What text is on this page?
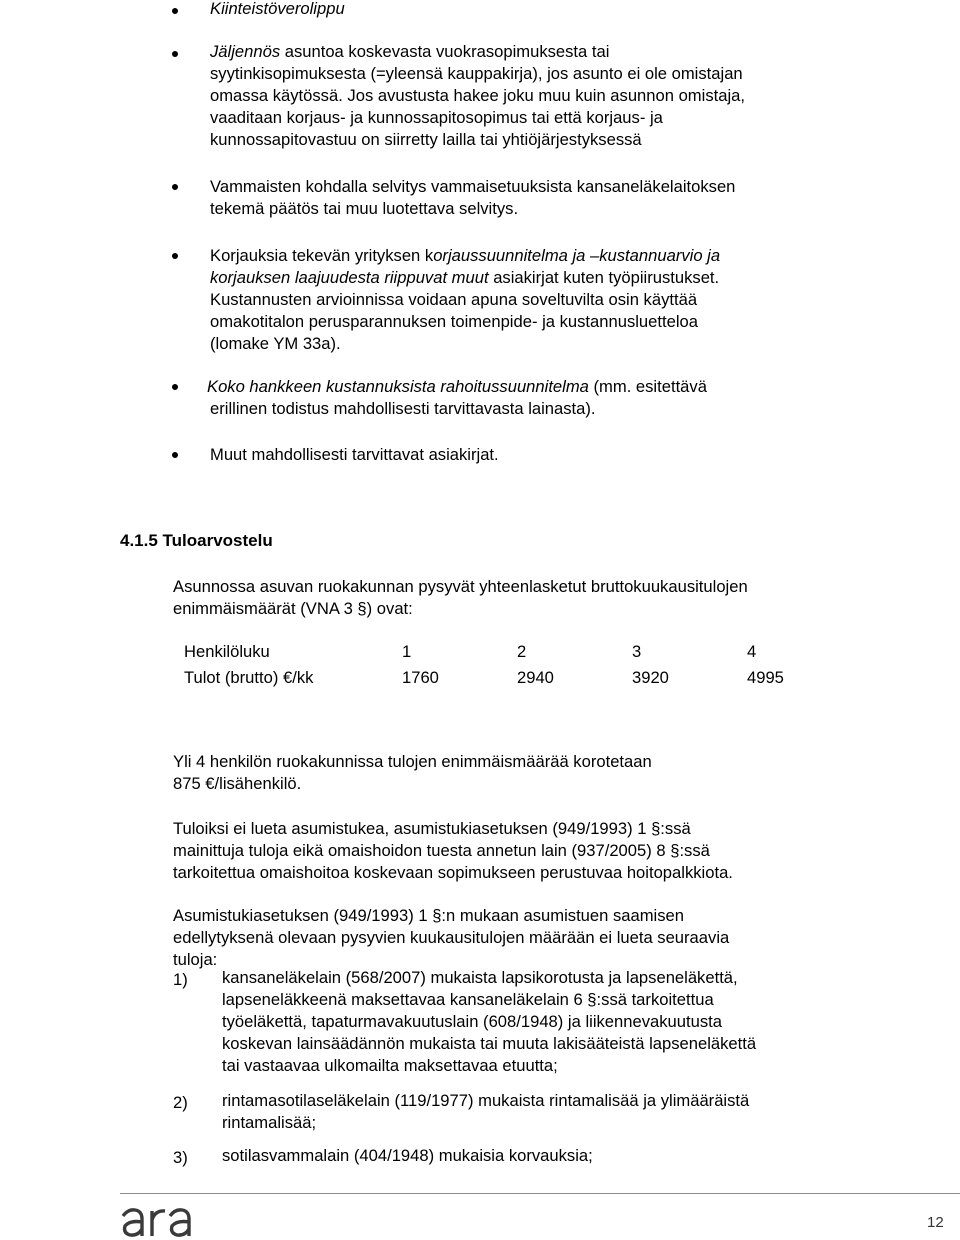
Kiinteistöverolippu
Jäljennös asuntoa koskevasta vuokrasopimuksesta tai
syytinkisopimuksesta (=yleensä kauppakirja), jos asunto ei ole omistajan
omassa käytössä. Jos avustusta hakee joku muu kuin asunnon omistaja,
vaaditaan korjaus- ja kunnossapitosopimus tai että korjaus- ja
kunnossapitovastuu on siirretty lailla tai yhtiöjärjestyksessä
Vammaisten kohdalla selvitys vammaisetuuksista kansaneläkelaitoksen
tekemä päätös tai muu luotettava selvitys.
Korjauksia tekevän yrityksen korjaussuunnitelma ja –kustannuarvio ja
korjauksen laajuudesta riippuvat muut asiakirjat kuten työpiirustukset.
Kustannusten arvioinnissa voidaan apuna soveltuvilta osin käyttää
omakotitalon perusparannuksen toimenpide- ja kustannusluetteloa
(lomake YM 33a).
Koko hankkeen kustannuksista rahoitussuunnitelma (mm. esitettävä
erillinen todistus mahdollisesti tarvittavasta lainasta).
Muut mahdollisesti tarvittavat asiakirjat.
4.1.5 Tuloarvostelu
Asunnossa asuvan ruokakunnan pysyvät yhteenlasketut bruttokuukausitulojen
enimmäismäärät (VNA 3 §) ovat:
Henkilöluku	1	2	3	4
Tulot (brutto) €/kk	1760	2940	3920	4995
Yli 4 henkilön ruokakunnissa tulojen enimmäismäärää korotetaan
875 €/lisähenkilö.
Tuloiksi ei lueta asumistukea, asumistukiasetuksen (949/1993) 1 §:ssä
mainittuja tuloja eikä omaishoidon tuesta annetun lain (937/2005) 8 §:ssä
tarkoitettua omaishoitoa koskevaan sopimukseen perustuvaa hoitopalkkiota.
Asumistukiasetuksen (949/1993) 1 §:n mukaan asumistuen saamisen
edellytyksenä olevaan pysyvien kuukausitulojen määrään ei lueta seuraavia
tuloja:
1) kansaneläkelain (568/2007) mukaista lapsikorotusta ja lapseneläkettä,
lapseneläkkeenä maksettavaa kansaneläkelain 6 §:ssä tarkoitettua
työeläkettä, tapaturmavakuutuslain (608/1948) ja liikennevakuutusta
koskevan lainsäädännön mukaista tai muuta lakisääteistä lapseneläkettä
tai vastaavaa ulkomailta maksettavaa etuutta;
2) rintamasotilaseläkelain (119/1977) mukaista rintamalisää ja ylimääräistä
rintamalisää;
3) sotilasvammalain (404/1948) mukaisia korvauksia;
12
